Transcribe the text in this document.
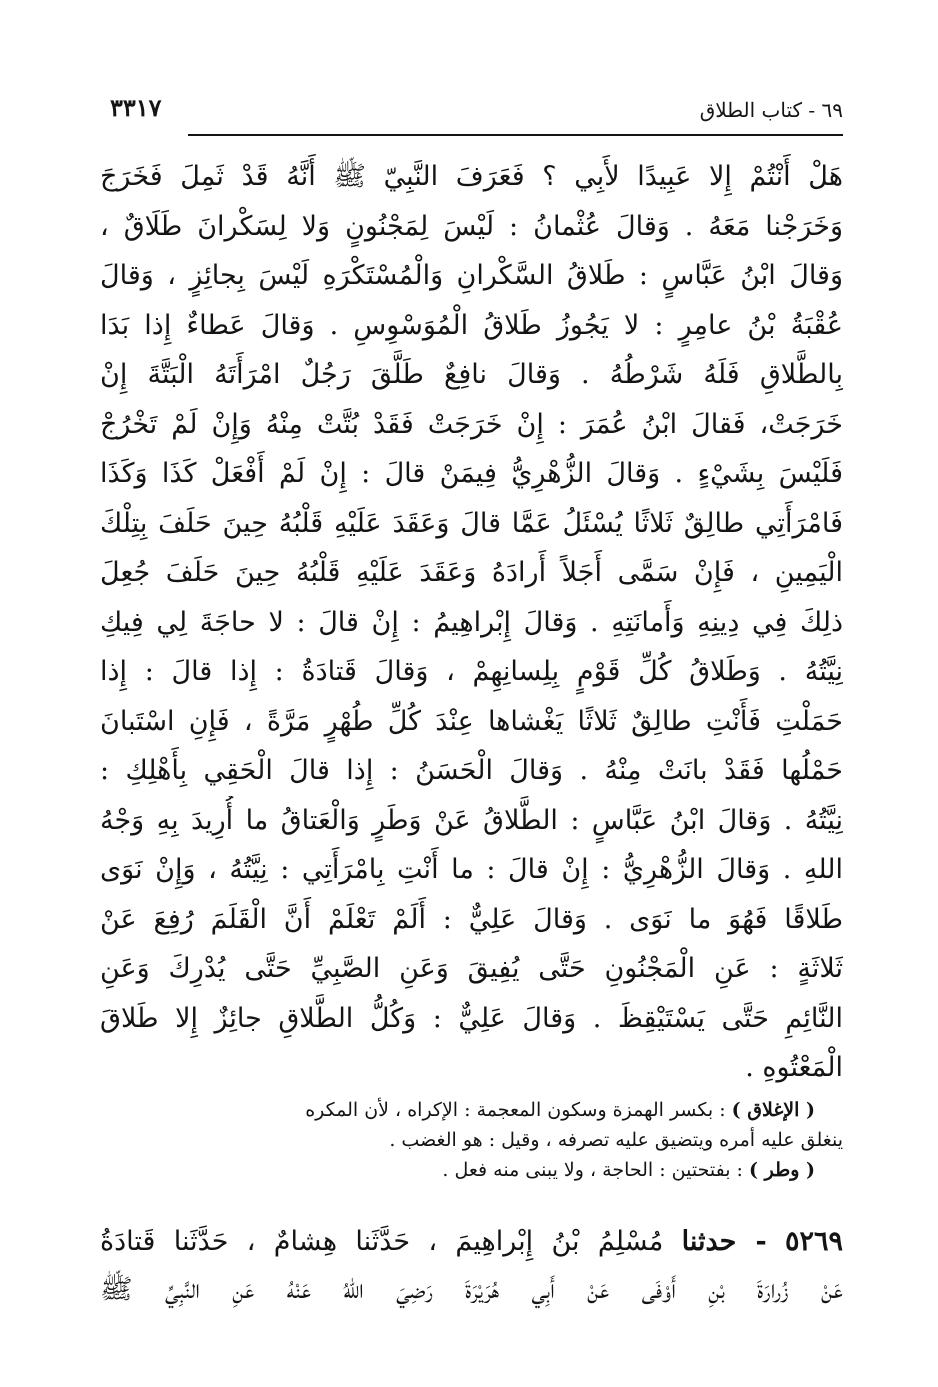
٦٩ - كتاب الطلاق
٣٣١٧
هَلْ أَنْتُمْ إِلا عَبِيدًا لأَبِي ؟ فَعَرَفَ النَّبِيّ ﷺ أَنَّهُ قَدْ ثَمِلَ فَخَرَجَ
وَخَرَجْنا مَعَهُ . وَقالَ عُثْمانُ : لَيْسَ لِمَجْنُونٍ وَلا لِسَكْرانَ طَلَاقٌ ،
وَقالَ ابْنُ عَبَّاسٍ : طَلاقُ السَّكْرانِ وَالْمُسْتَكْرَهِ لَيْسَ بِجائِزٍ ، وَقالَ
عُقْبَةُ بْنُ عامِرٍ : لا يَجُوزُ طَلاقُ الْمُوَسْوِسِ . وَقالَ عَطاءٌ إِذا بَدَا
بِالطَّلاقِ فَلَهُ شَرْطُهُ . وَقالَ نافِعٌ طَلَّقَ رَجُلٌ امْرَأَتَهُ الْبَتَّةَ إِنْ
خَرَجَتْ، فَقالَ ابْنُ عُمَرَ : إِنْ خَرَجَتْ فَقَدْ بُتَّتْ مِنْهُ وَإِنْ لَمْ تَخْرُجْ
فَلَيْسَ بِشَيْءٍ . وَقالَ الزُّهْرِيُّ فِيمَنْ قالَ : إِنْ لَمْ أَفْعَلْ كَذَا وَكَذَا
فَامْرَأَتِي طالِقٌ ثَلاثًا يُسْئَلُ عَمَّا قالَ وَعَقَدَ عَلَيْهِ قَلْبُهُ حِينَ حَلَفَ بِتِلْكَ
الْيَمِينِ ، فَإِنْ سَمَّى أَجَلاً أَرادَهُ وَعَقَدَ عَلَيْهِ قَلْبُهُ حِينَ حَلَفَ جُعِلَ
ذلِكَ فِي دِينِهِ وَأَمانَتِهِ . وَقالَ إِبْراهِيمُ : إِنْ قالَ : لا حاجَةَ لِي فِيكِ
نِيَّتُهُ . وَطَلاقُ كُلِّ قَوْمٍ بِلِسانِهِمْ ، وَقالَ قَتادَةُ : إِذا قالَ : إِذا
حَمَلْتِ فَأَنْتِ طالِقٌ ثَلاثًا يَغْشاها عِنْدَ كُلِّ طُهْرٍ مَرَّةً ، فَإِنِ اسْتَبانَ
حَمْلُها فَقَدْ بانَتْ مِنْهُ . وَقالَ الْحَسَنُ : إِذا قالَ الْحَقِي بِأَهْلِكِ :
نِيَّتُهُ . وَقالَ ابْنُ عَبَّاسٍ : الطَّلاقُ عَنْ وَطَرٍ وَالْعَتاقُ ما أُرِيدَ بِهِ وَجْهُ
اللهِ . وَقالَ الزُّهْرِيُّ : إِنْ قالَ : ما أَنْتِ بِامْرَأَتِي : نِيَّتُهُ ، وَإِنْ نَوَى
طَلاقًا فَهُوَ ما نَوَى . وَقالَ عَلِيٌّ : أَلَمْ تَعْلَمْ أَنَّ الْقَلَمَ رُفِعَ عَنْ
ثَلاثَةٍ : عَنِ الْمَجْنُونِ حَتَّى يُفِيقَ وَعَنِ الصَّبِيِّ حَتَّى يُدْرِكَ وَعَنِ
النَّائِمِ حَتَّى يَسْتَيْقِظَ . وَقالَ عَلِيٌّ : وَكُلُّ الطَّلاقِ جائِزٌ إِلا طَلاقَ
الْمَعْتُوهِ .
( الإغلاق ) : بكسر الهمزة وسكون المعجمة : الإكراه ، لأن المكره
ينغلق عليه أمره ويتضيق عليه تصرفه ، وقيل : هو الغضب .
( وطر ) : بفتحتين : الحاجة ، ولا يبنى منه فعل .
٥٢٦٩ - حدثنا مُسْلِمُ بْنُ إِبْراهِيمَ ، حَدَّثَنا هِشامٌ ، حَدَّثَنا قَتادَةُ
عَنْ زُرارَةَ بْنِ أَوْفَى عَنْ أَبِي هُرَيْرَةَ رَضِيَ اللهُ عَنْهُ عَنِ النَّبِيِّ ﷺ
